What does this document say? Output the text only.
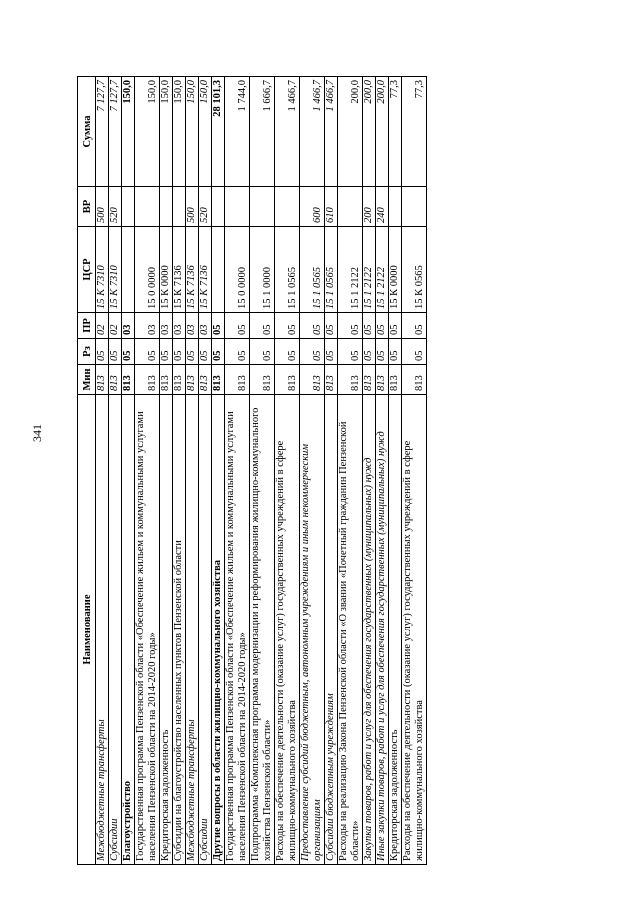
341
Наименование	Мин	Рз	ПР	ЦСР	ВР	Сумма
Межбюджетные трансферты	813	05	02	15 К 7310	500	7 127,7
Субсидии	813	05	02	15 К 7310	520	7 127,7
Благоустройство	813	05	03			150,0
Государственная программа Пензенской области «Обеспечение жильем и коммунальными услугами населения Пензенской области на 2014-2020 годы»	813	05	03	15 0 0000		150,0
Кредиторская задолженность	813	05	03	15 К 0000		150,0
Субсидии на благоустройство населенных пунктов Пензенской области	813	05	03	15 К 7136		150,0
Межбюджетные трансферты	813	05	03	15 К 7136	500	150,0
Субсидии	813	05	03	15 К 7136	520	150,0
Другие вопросы в области жилищно-коммунального хозяйства	813	05	05			28 101,3
Государственная программа Пензенской области «Обеспечение жильем и коммунальными услугами населения Пензенской области на 2014-2020 годы»	813	05	05	15 0 0000		1 744,0
Подпрограмма «Комплексная программа модернизации и реформирования жилищно-коммунального хозяйства Пензенской области»	813	05	05	15 1 0000		1 666,7
Расходы на обеспечение деятельности (оказание услуг) государственных учреждений в сфере жилищно-коммунального хозяйства	813	05	05	15 1 0565		1 466,7
Предоставление субсидий бюджетным, автономным учреждениям и иным некоммерческим организациям	813	05	05	15 1 0565	600	1 466,7
Субсидии бюджетным учреждениям	813	05	05	15 1 0565	610	1 466,7
Расходы на реализацию Закона Пензенской области «О звании «Почетный гражданин Пензенской области»	813	05	05	15 1 2122		200,0
Закупка товаров, работ и услуг для обеспечения государственных (муниципальных) нужд	813	05	05	15 1 2122	200	200,0
Иные закупки товаров, работ и услуг для обеспечения государственных (муниципальных) нужд	813	05	05	15 1 2122	240	200,0
Кредиторская задолженность	813	05	05	15 К 0000		77,3
Расходы на обеспечение деятельности (оказание услуг) государственных учреждений в сфере жилищно-коммунального хозяйства	813	05	05	15 К 0565		77,3
